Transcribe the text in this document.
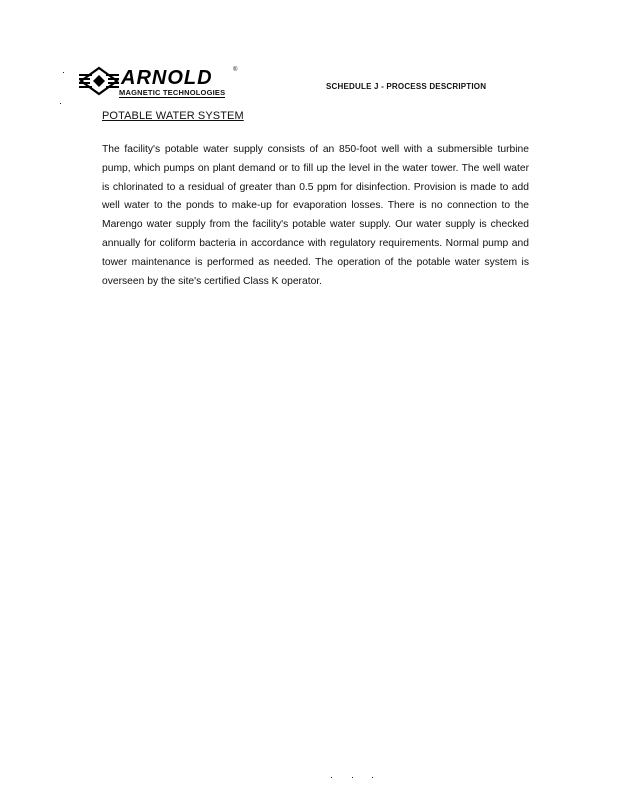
ARNOLD	®
MAGNETIC TECHNOLOGIES
SCHEDULE J - PROCESS DESCRIPTION
POTABLE WATER SYSTEM
The facility's potable water supply consists of an 850-foot well with a submersible turbine pump, which pumps on plant demand or to fill up the level in the water tower. The well water is chlorinated to a residual of greater than 0.5 ppm for disinfection. Provision is made to add well water to the ponds to make-up for evaporation losses. There is no connection to the Marengo water supply from the facility's potable water supply. Our water supply is checked annually for coliform bacteria in accordance with regulatory requirements. Normal pump and tower maintenance is performed as needed. The operation of the potable water system is overseen by the site's certified Class K operator.
